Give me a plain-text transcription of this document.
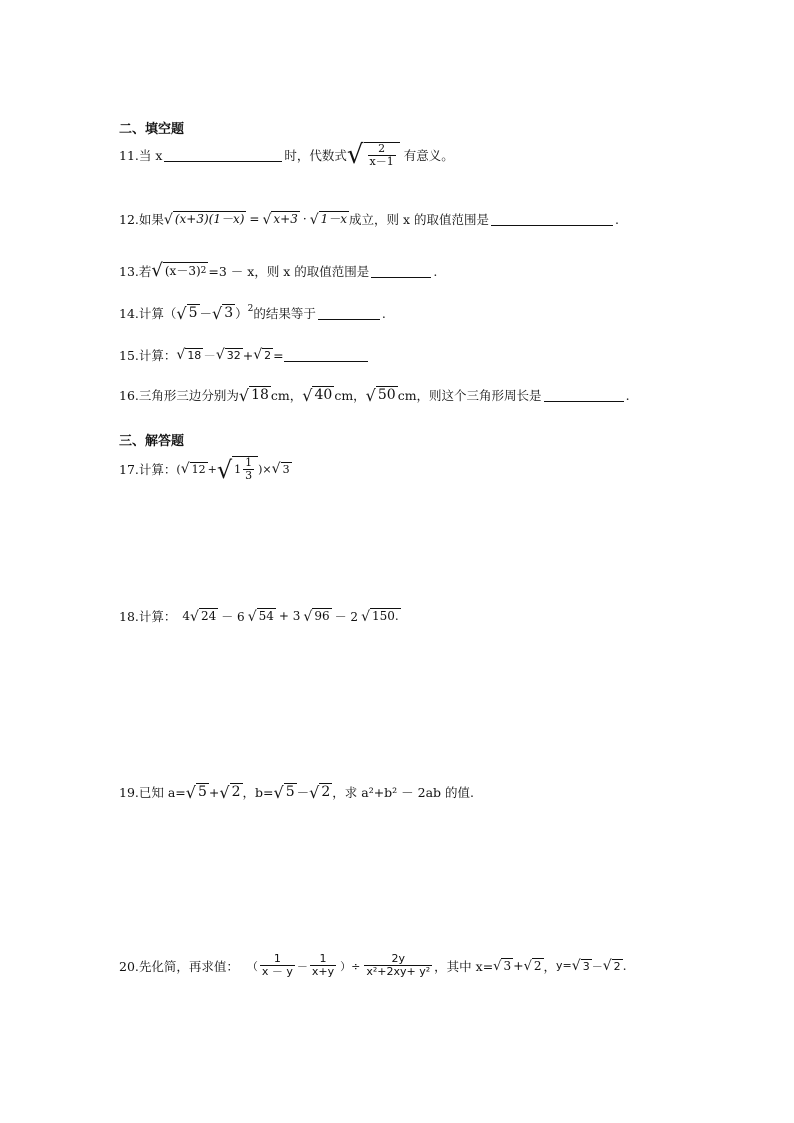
二、填空题
11.当 x	时，代数式 √ $\frac{2}{x-1}$ 有意义。
12.如果 √ (x+3)(1－x) = √ x+3 · √ 1－x 成立，则 x 的取值范围是	.
13.若 √ (x－3) 2 =3 － x，则 x 的取值范围是	.
14.计算（ √ 5 － √ 3 ）$^2$ 的结果等于	.
15.计算： √ 18 － √ 32 + √ 2 =
16.三角形三边分别为 √ 18 cm， √ 40 cm， √ 50 cm，则这个三角形周长是	.
三、解答题
17.计算： ( √ 12 + √ $1 \frac{1}{3}$ )× √ 3
18.计算： 4 √ 24 － 6 √ 54 + 3 √ 96 － 2 √ 150.
19.已知 a= √ 5 + √ 2 ，b= √ 5 － √ 2 ，求 a²+b² － 2ab 的值.
20.先化简，再求值： （ $\frac{1}{x - y} - \frac{1}{x+y}$ ）÷ $\frac{2y}{\text{x²+2xy+ y²}}$ ，其中 x= √ 3 + √ 2 ， y= √ 3 － √ 2 .
